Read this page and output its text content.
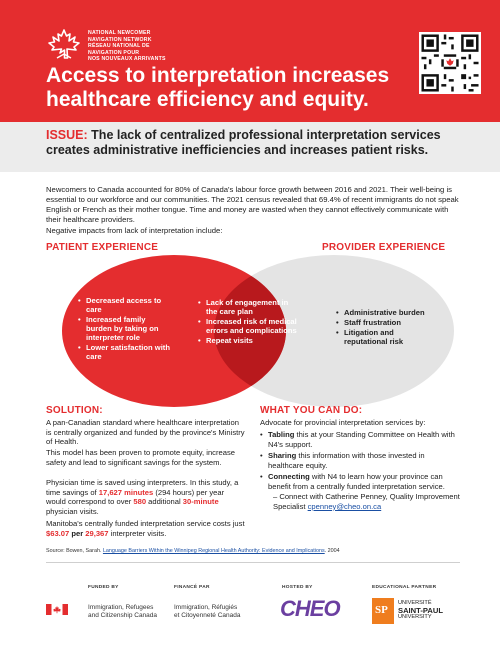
NATIONAL NEWCOMER
NAVIGATION NETWORK
RÉSEAU NATIONAL DE
NAVIGATION POUR
NOS NOUVEAUX ARRIVANTS
Access to interpretation increases healthcare efficiency and equity.

ISSUE: The lack of centralized professional interpretation services creates administrative inefficiencies and increases patient risks.

Newcomers to Canada accounted for 80% of Canada's labour force growth between 2016 and 2021. Their well-being is essential to our workforce and our communities. The 2021 census revealed that 69.4% of recent immigrants do not speak English or French as their mother tongue. Time and money are wasted when they cannot effectively communicate with their healthcare providers.

Negative impacts from lack of interpretation include:

PATIENT EXPERIENCE	PROVIDER EXPERIENCE
• Decreased access to care
• Increased family burden by taking on interpreter role
• Lower satisfaction with care
• Lack of engagement in the care plan
• Increased risk of medical errors and complications
• Repeat visits
• Administrative burden
• Staff frustration
• Litigation and reputational risk
SOLUTION:

A pan-Canadian standard where healthcare interpretation is centrally organized and funded by the province's Ministry of Health.

This model has been proven to promote equity, increase safety and lead to significant savings for the system.

Physician time is saved using interpreters. In this study, a time savings of 17,627 minutes (294 hours) per year would correspond to over 580 additional 30-minute physician visits.

Manitoba's centrally funded interpretation service costs just $63.07 per 29,367 interpreter visits.

WHAT YOU CAN DO:

Advocate for provincial interpretation services by:

• Tabling this at your Standing Committee on Health with N4's support.
• Sharing this information with those invested in healthcare equity.
• Connecting with N4 to learn how your province can benefit from a centrally funded interpretation service.

– Connect with Catherine Penney, Quality Improvement Specialist cpenney@cheo.on.ca

Source: Bowen, Sarah. Language Barriers Within the Winnipeg Regional Health Authority: Evidence and Implications. 2004

FUNDED BY	FINANCÉ PAR	HOSTED BY	EDUCATIONAL PARTNER
Immigration, Refugees
and Citizenship Canada
Immigration, Réfugiés
et Citoyenneté Canada CHEO	SP
UNIVERSITÉ
SAINT-PAUL
UNIVERSITY
